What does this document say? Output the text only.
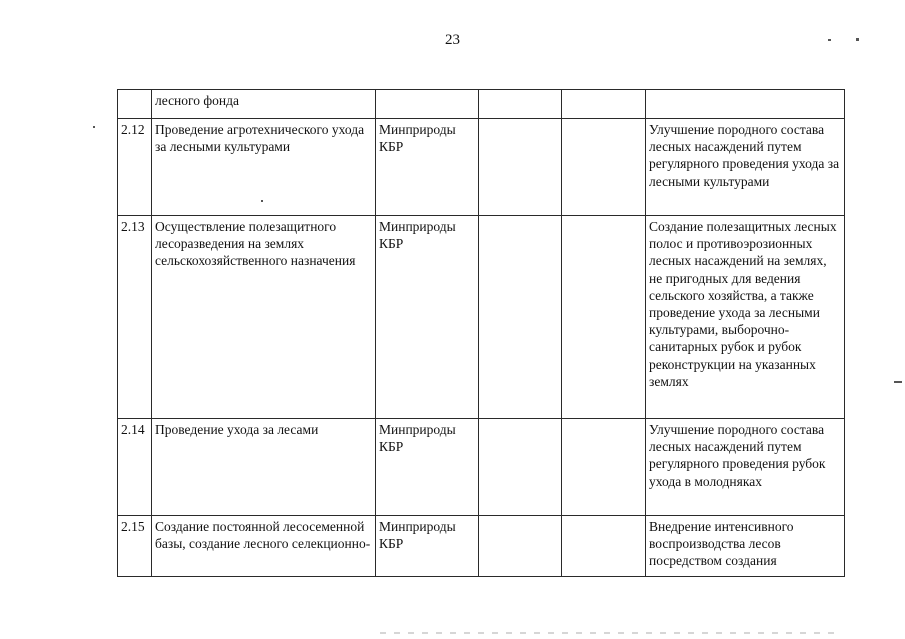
23
	лесного фонда				
2.12	Проведение агротехнического ухода за лесными культурами	Минприроды КБР			Улучшение породного состава лесных насаждений путем регулярного проведения ухода за лесными культурами
2.13	Осуществление полезащитного лесоразведения на землях сельскохозяйственного назначения	Минприроды КБР			Создание полезащитных лесных полос и противоэрозионных лесных насаждений на землях, не пригодных для ведения сельского хозяйства, а также проведение ухода за лесными культурами, выборочно-санитарных рубок и рубок реконструкции на указанных землях
2.14	Проведение ухода за лесами	Минприроды КБР			Улучшение породного состава лесных насаждений путем регулярного проведения рубок ухода в молодняках
2.15	Создание постоянной лесосеменной базы, создание лесного селекционно-	Минприроды КБР			Внедрение интенсивного воспроизводства лесов посредством создания
